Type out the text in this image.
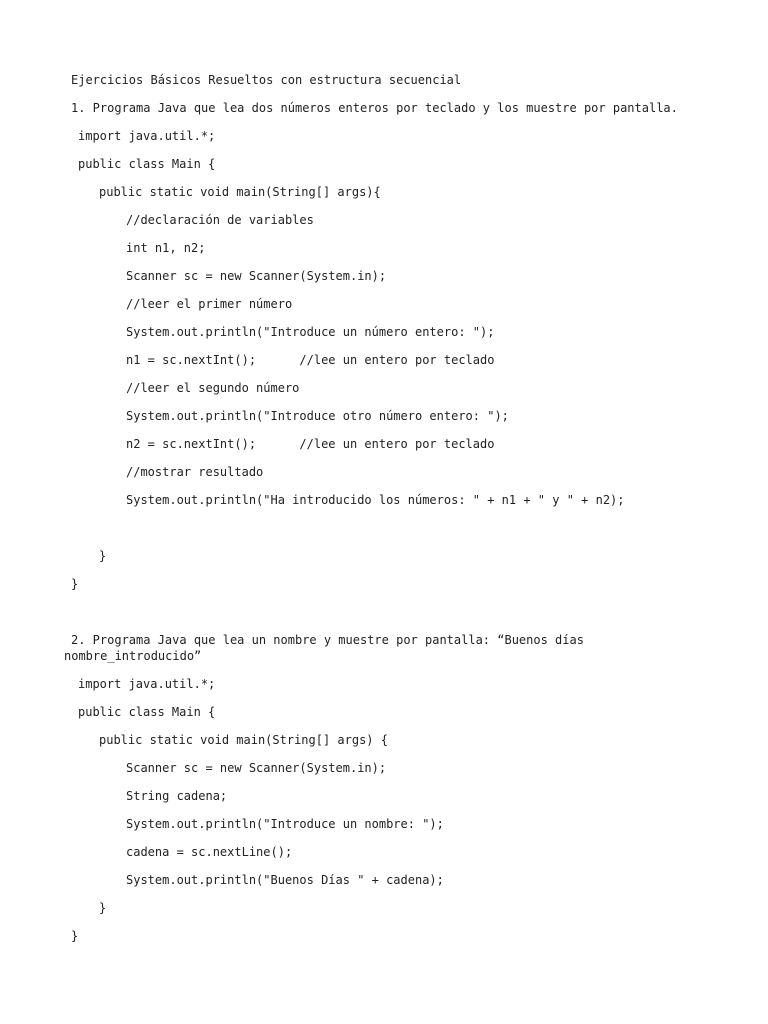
Ejercicios Básicos Resueltos con estructura secuencial
1. Programa Java que lea dos números enteros por teclado y los muestre por pantalla.
import java.util.*;
public class Main {
public static void main(String[] args){
//declaración de variables
int n1, n2;
Scanner sc = new Scanner(System.in);
//leer el primer número
System.out.println("Introduce un número entero: ");
n1 = sc.nextInt();      //lee un entero por teclado
//leer el segundo número
System.out.println("Introduce otro número entero: ");
n2 = sc.nextInt();      //lee un entero por teclado
//mostrar resultado
System.out.println("Ha introducido los números: " + n1 + " y " + n2);
}
}
2. Programa Java que lea un nombre y muestre por pantalla: “Buenos días
nombre_introducido”
import java.util.*;
public class Main {
public static void main(String[] args) {
Scanner sc = new Scanner(System.in);
String cadena;
System.out.println("Introduce un nombre: ");
cadena = sc.nextLine();
System.out.println("Buenos Días " + cadena);
}
}
